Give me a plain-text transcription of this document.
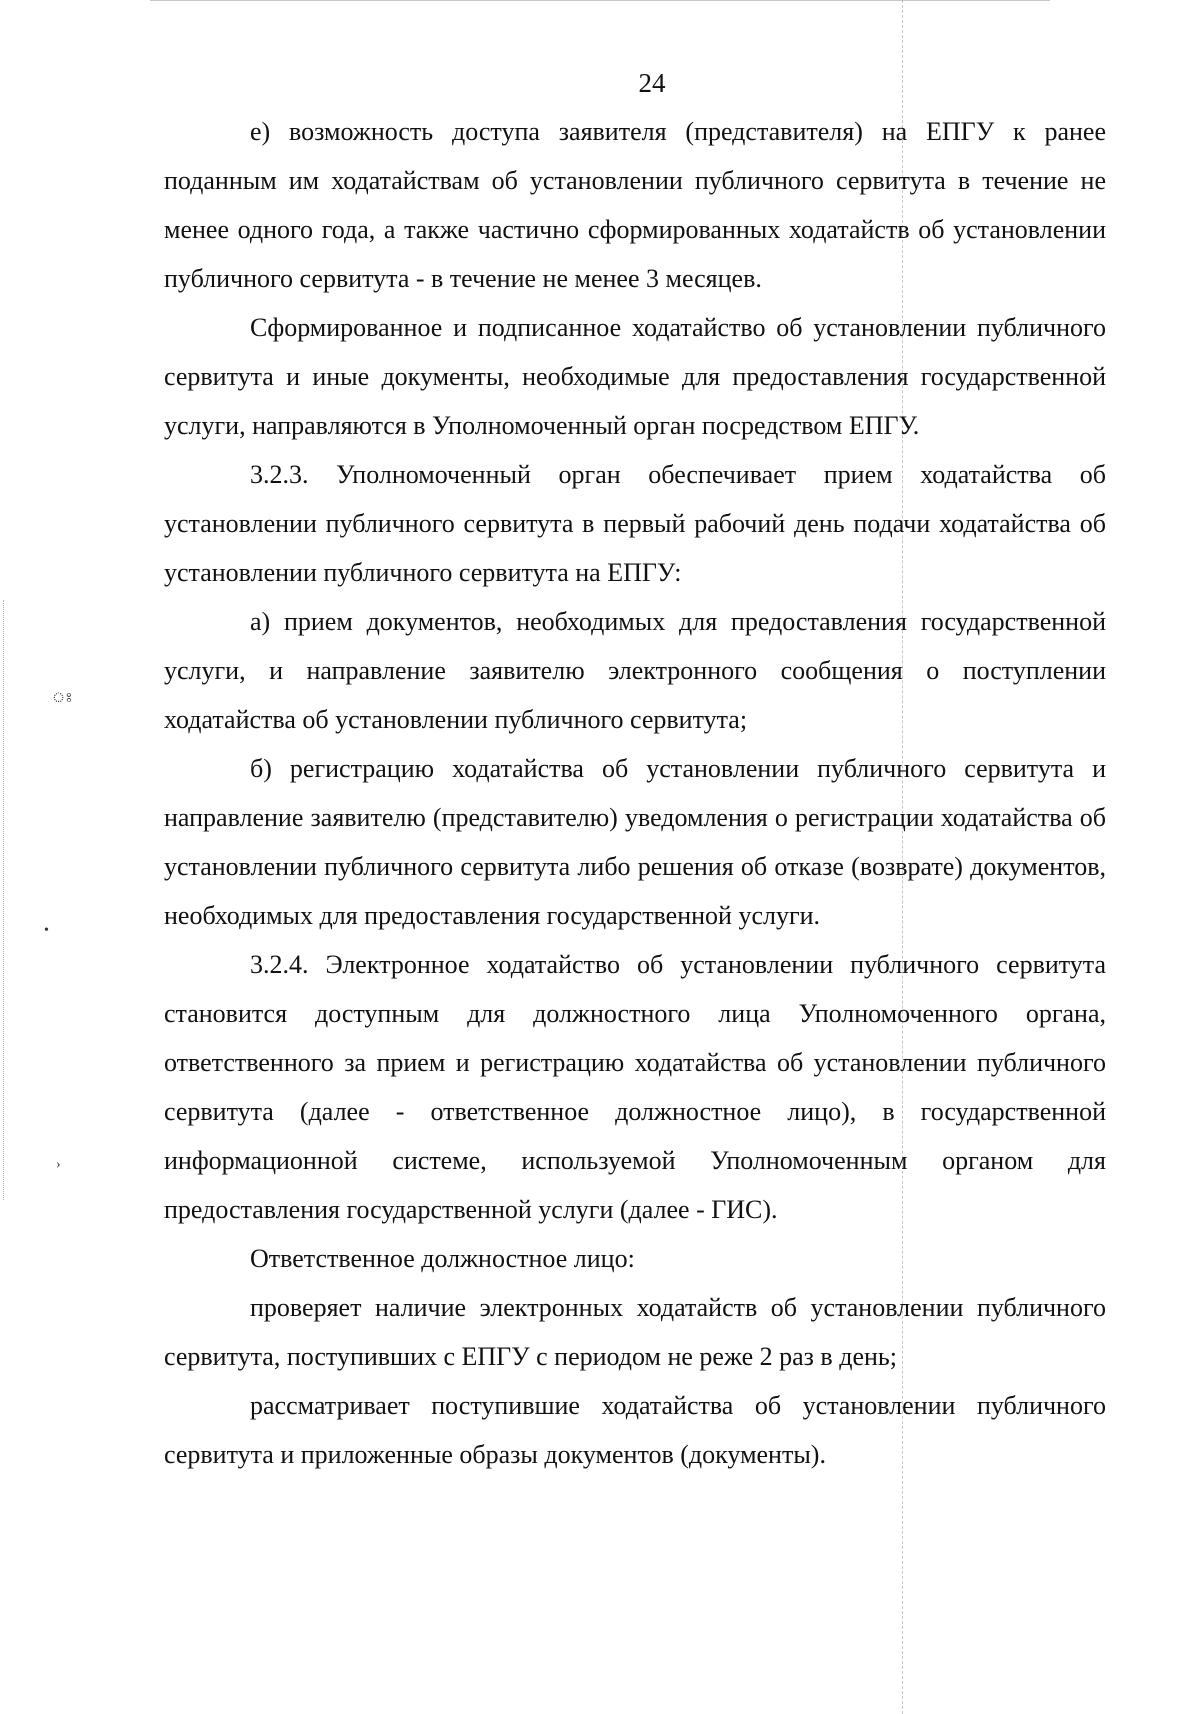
ঃ
•
›
24

е) возможность доступа заявителя (представителя) на ЕПГУ к ранее поданным им ходатайствам об установлении публичного сервитута в течение не менее одного года, а также частично сформированных ходатайств об установлении публичного сервитута - в течение не менее 3 месяцев.

Сформированное и подписанное ходатайство об установлении публичного сервитута и иные документы, необходимые для предоставления государственной услуги, направляются в Уполномоченный орган посредством ЕПГУ.

3.2.3. Уполномоченный орган обеспечивает прием ходатайства об установлении публичного сервитута в первый рабочий день подачи ходатайства об установлении публичного сервитута на ЕПГУ:

а) прием документов, необходимых для предоставления государственной услуги, и направление заявителю электронного сообщения о поступлении ходатайства об установлении публичного сервитута;

б) регистрацию ходатайства об установлении публичного сервитута и направление заявителю (представителю) уведомления о регистрации ходатайства об установлении публичного сервитута либо решения об отказе (возврате) документов, необходимых для предоставления государственной услуги.

3.2.4. Электронное ходатайство об установлении публичного сервитута становится доступным для должностного лица Уполномоченного органа, ответственного за прием и регистрацию ходатайства об установлении публичного сервитута (далее - ответственное должностное лицо), в государственной информационной системе, используемой Уполномоченным органом для предоставления государственной услуги (далее - ГИС).

Ответственное должностное лицо:

проверяет наличие электронных ходатайств об установлении публичного сервитута, поступивших с ЕПГУ с периодом не реже 2 раз в день;

рассматривает поступившие ходатайства об установлении публичного сервитута и приложенные образы документов (документы).
